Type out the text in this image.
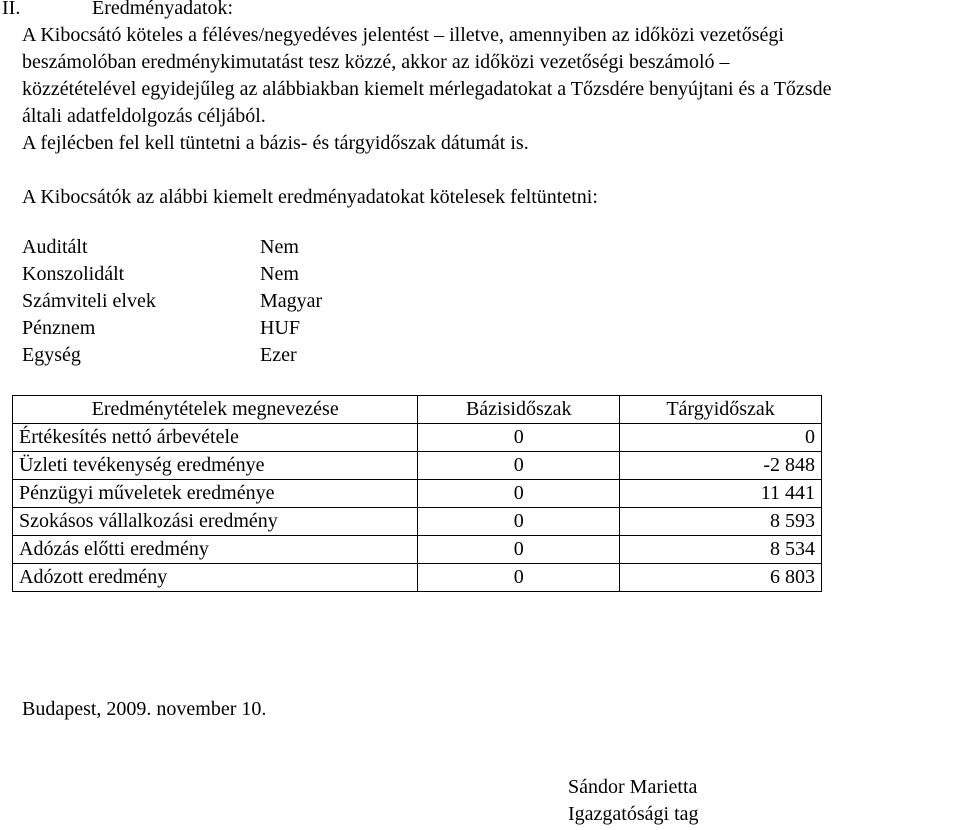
II.	Eredményadatok:
A Kibocsátó köteles a féléves/negyedéves jelentést – illetve, amennyiben az időközi vezetőségi
beszámolóban eredménykimutatást tesz közzé, akkor az időközi vezetőségi beszámoló –
közzétételével egyidejűleg az alábbiakban kiemelt mérlegadatokat a Tőzsdére benyújtani és a Tőzsde
általi adatfeldolgozás céljából.
A fejlécben fel kell tüntetni a bázis- és tárgyidőszak dátumát is.
A Kibocsátók az alábbi kiemelt eredményadatokat kötelesek feltüntetni:
Auditált	Nem
Konszolidált	Nem
Számviteli elvek	Magyar
Pénznem	HUF
Egység	Ezer
Eredménytételek megnevezése	Bázisidőszak	Tárgyidőszak
Értékesítés nettó árbevétele	0	0
Üzleti tevékenység eredménye	0	-2 848
Pénzügyi műveletek eredménye	0	11 441
Szokásos vállalkozási eredmény	0	8 593
Adózás előtti eredmény	0	8 534
Adózott eredmény	0	6 803
Budapest, 2009. november 10.
Sándor Marietta
Igazgatósági tag
